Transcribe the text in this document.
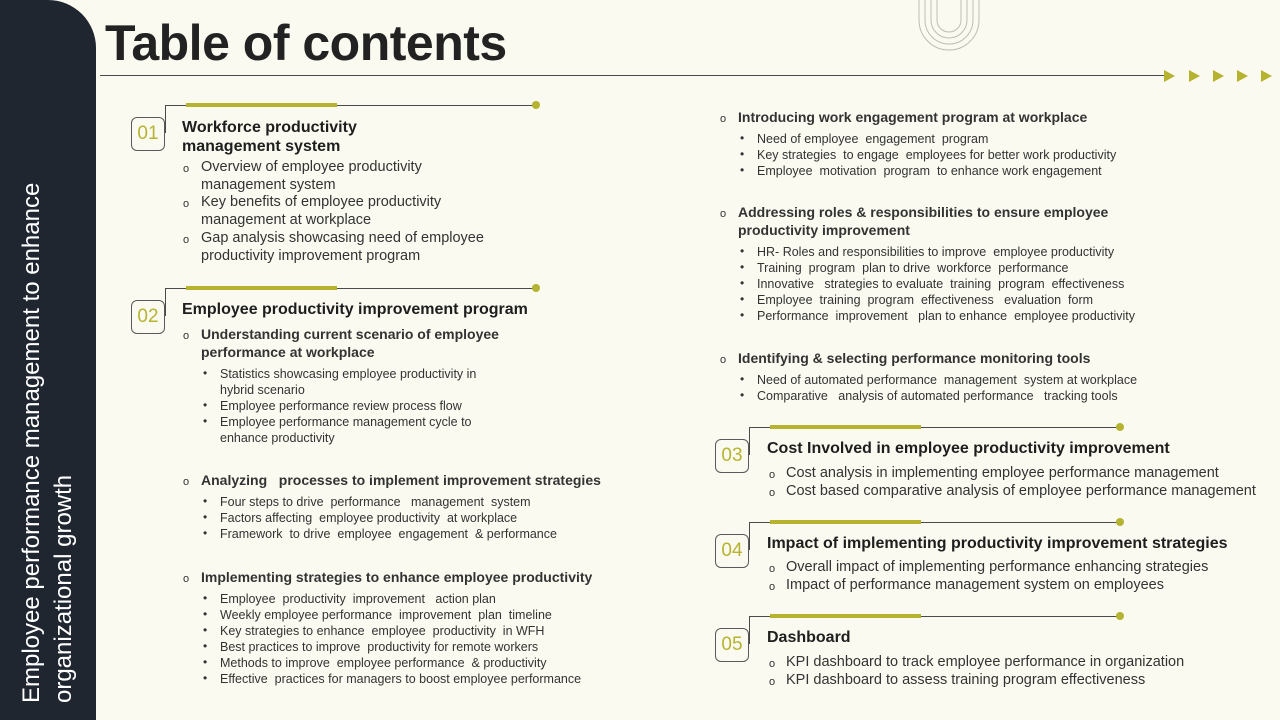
Employee performance management to enhance organizational growth
Table of contents
01	Workforce productivity
management system
o Overview of employee productivity
management system
o Key benefits of employee productivity
management at workplace
o Gap analysis showcasing need of employee
productivity improvement program
02	Employee productivity improvement program
o Understanding current scenario of employee
performance at workplace
• Statistics showcasing employee productivity in
hybrid scenario
• Employee performance review process flow
• Employee performance management cycle to
enhance productivity
o Analyzing   processes to implement improvement strategies
• Four steps to drive  performance   management  system
• Factors affecting  employee productivity  at workplace
• Framework  to drive  employee  engagement  & performance
o Implementing strategies to enhance employee productivity
• Employee  productivity  improvement   action plan
• Weekly employee performance  improvement  plan  timeline
• Key strategies to enhance  employee  productivity  in WFH
• Best practices to improve  productivity for remote workers
• Methods to improve  employee performance  & productivity
• Effective  practices for managers to boost employee performance
o Introducing work engagement program at workplace
• Need of employee  engagement  program
• Key strategies  to engage  employees for better work productivity
• Employee  motivation  program  to enhance work engagement
o Addressing roles & responsibilities to ensure employee
productivity improvement
• HR- Roles and responsibilities to improve  employee productivity
• Training  program  plan to drive  workforce  performance
• Innovative   strategies to evaluate  training  program  effectiveness
• Employee  training  program  effectiveness   evaluation  form
• Performance  improvement   plan to enhance  employee productivity
o Identifying & selecting performance monitoring tools
• Need of automated performance  management  system at workplace
• Comparative   analysis of automated performance   tracking tools
03	Cost Involved in employee productivity improvement
o Cost analysis in implementing employee performance management
o Cost based comparative analysis of employee performance management
04	Impact of implementing productivity improvement strategies
o Overall impact of implementing performance enhancing strategies
o Impact of performance management system on employees
05	Dashboard
o KPI dashboard to track employee performance in organization
o KPI dashboard to assess training program effectiveness
